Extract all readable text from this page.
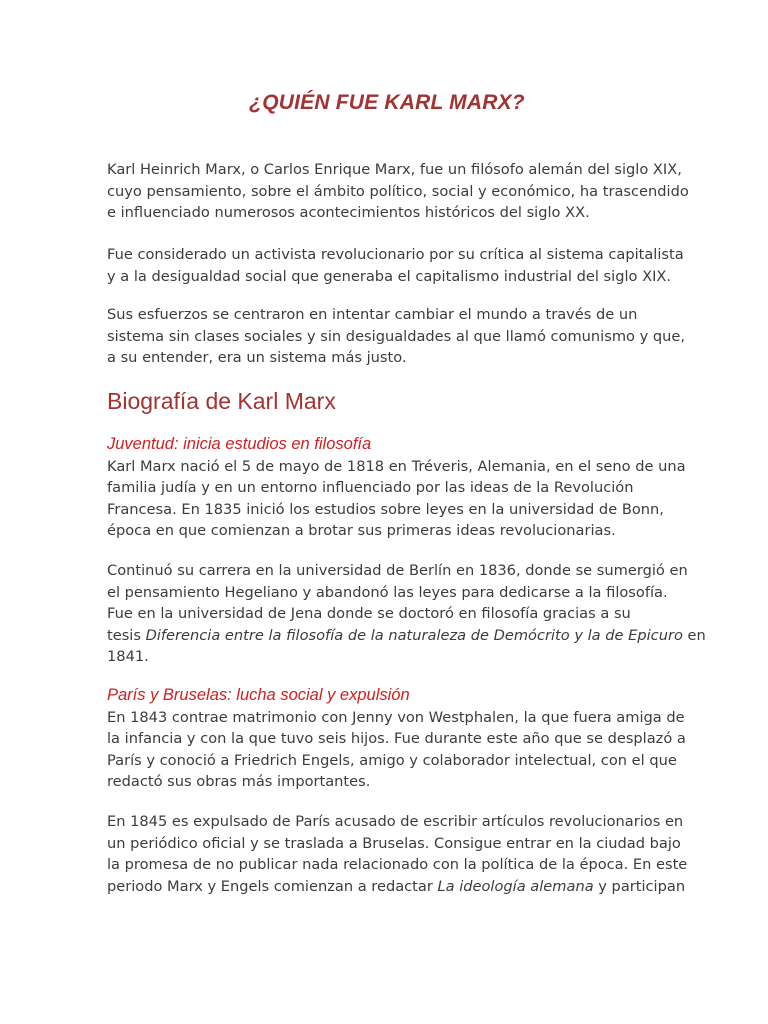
¿QUIÉN FUE KARL MARX?
Karl Heinrich Marx, o Carlos Enrique Marx, fue un filósofo alemán del siglo XIX,
cuyo pensamiento, sobre el ámbito político, social y económico, ha trascendido
e influenciado numerosos acontecimientos históricos del siglo XX.
Fue considerado un activista revolucionario por su crítica al sistema capitalista
y a la desigualdad social que generaba el capitalismo industrial del siglo XIX.
Sus esfuerzos se centraron en intentar cambiar el mundo a través de un
sistema sin clases sociales y sin desigualdades al que llamó comunismo y que,
a su entender, era un sistema más justo.
Biografía de Karl Marx
Juventud: inicia estudios en filosofía
Karl Marx nació el 5 de mayo de 1818 en Tréveris, Alemania, en el seno de una
familia judía y en un entorno influenciado por las ideas de la Revolución
Francesa. En 1835 inició los estudios sobre leyes en la universidad de Bonn,
época en que comienzan a brotar sus primeras ideas revolucionarias.
Continuó su carrera en la universidad de Berlín en 1836, donde se sumergió en
el pensamiento Hegeliano y abandonó las leyes para dedicarse a la filosofía.
Fue en la universidad de Jena donde se doctoró en filosofía gracias a su
tesis Diferencia entre la filosofía de la naturaleza de Demócrito y la de Epicuro en
1841.
París y Bruselas: lucha social y expulsión
En 1843 contrae matrimonio con Jenny von Westphalen, la que fuera amiga de
la infancia y con la que tuvo seis hijos. Fue durante este año que se desplazó a
París y conoció a Friedrich Engels, amigo y colaborador intelectual, con el que
redactó sus obras más importantes.
En 1845 es expulsado de París acusado de escribir artículos revolucionarios en
un periódico oficial y se traslada a Bruselas. Consigue entrar en la ciudad bajo
la promesa de no publicar nada relacionado con la política de la época. En este
periodo Marx y Engels comienzan a redactar La ideología alemana y participan
